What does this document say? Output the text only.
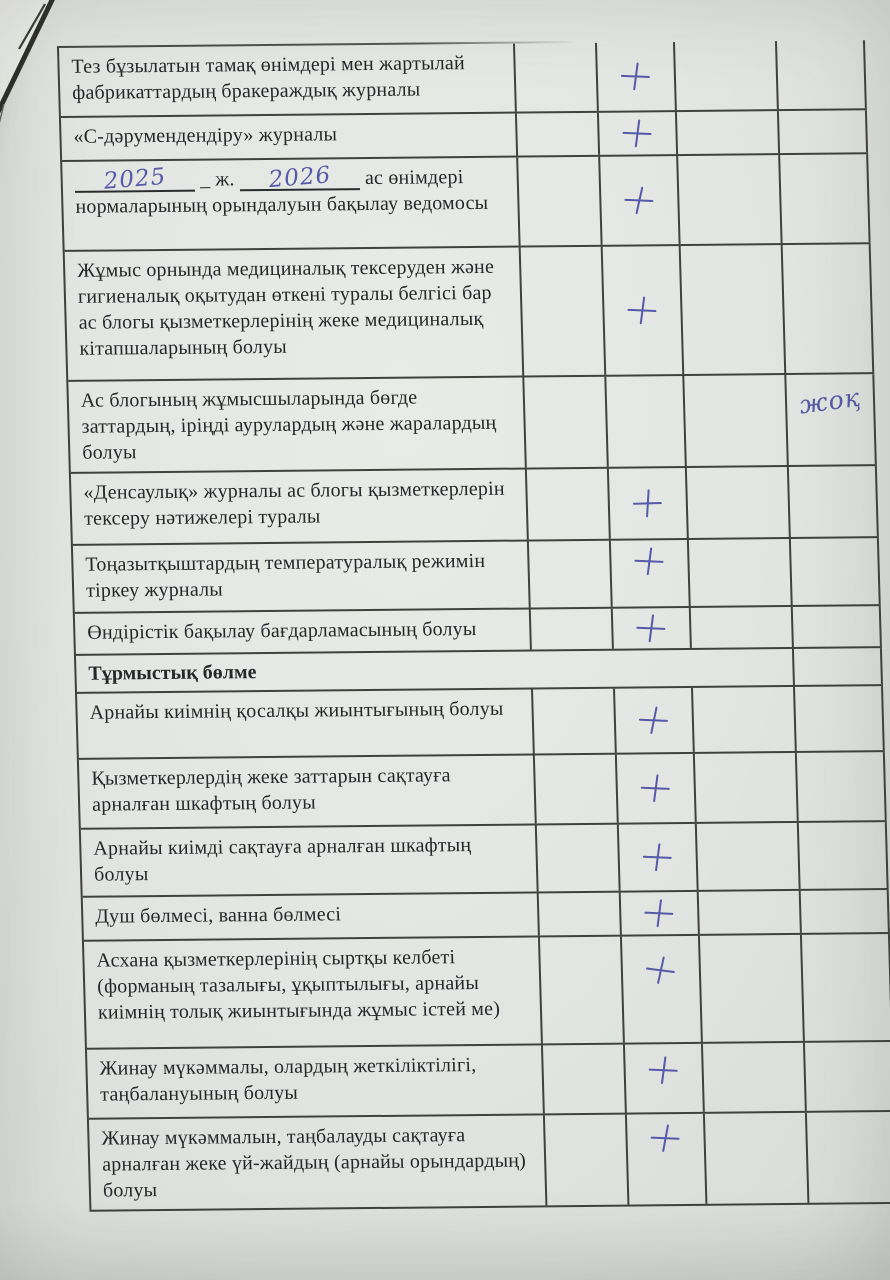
Тез бұзылатын тамақ өнімдері мен жартылай фабрикаттардың бракераждық журналы
«С-дәрумендендіру» журналы
2025 _ ж. 2026 ас өнімдері нормаларының орындалуын бақылау ведомосы
Жұмыс орнында медициналық тексеруден және гигиеналық оқытудан өткені туралы белгісі бар ас блогы қызметкерлерінің жеке медициналық кітапшаларының болуы
Ас блогының жұмысшыларында бөгде заттардың, іріңді аурулардың және жаралардың болуы
жоқ
«Денсаулық» журналы ас блогы қызметкерлерін тексеру нәтижелері туралы
Тоңазытқыштардың температуралық режимін тіркеу журналы
Өндірістік бақылау бағдарламасының болуы
Тұрмыстық бөлме
Арнайы киімнің қосалқы жиынтығының болуы
Қызметкерлердің жеке заттарын сақтауға арналған шкафтың болуы
Арнайы киімді сақтауға арналған шкафтың болуы
Душ бөлмесі, ванна бөлмесі
Асхана қызметкерлерінің сыртқы келбеті (форманың тазалығы, ұқыптылығы, арнайы киімнің толық жиынтығында жұмыс істей ме)
Жинау мүкәммалы, олардың жеткіліктілігі, таңбалануының болуы
Жинау мүкәммалын, таңбалауды сақтауға арналған жеке үй-жайдың (арнайы орындардың) болуы
